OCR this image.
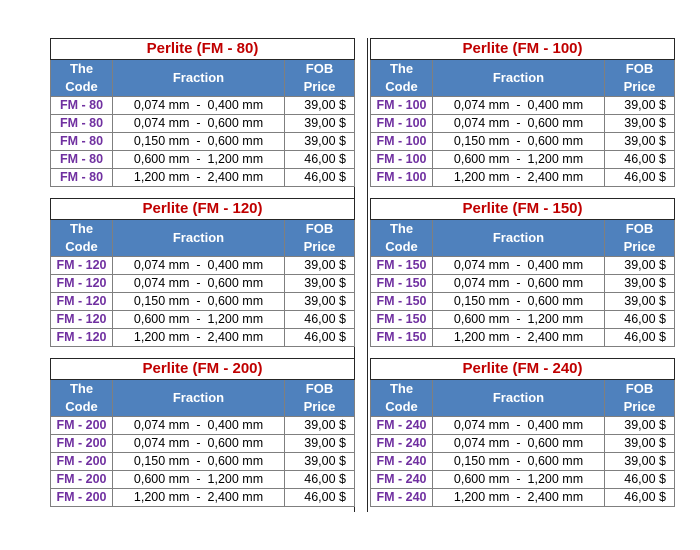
Perlite (FM - 80)		

The
Code	Fraction	FOB
Price

FM - 80	0,074 mm  -  0,400 mm	39,00 $
FM - 80	0,074 mm  -  0,600 mm	39,00 $
FM - 80	0,150 mm  -  0,600 mm	39,00 $
FM - 80	0,600 mm  -  1,200 mm	46,00 $
FM - 80	1,200 mm  -  2,400 mm	46,00 $
Perlite (FM - 100)		

The
Code	Fraction	FOB
Price

FM - 100	0,074 mm  -  0,400 mm	39,00 $
FM - 100	0,074 mm  -  0,600 mm	39,00 $
FM - 100	0,150 mm  -  0,600 mm	39,00 $
FM - 100	0,600 mm  -  1,200 mm	46,00 $
FM - 100	1,200 mm  -  2,400 mm	46,00 $
Perlite (FM - 120)		

The
Code	Fraction	FOB
Price

FM - 120	0,074 mm  -  0,400 mm	39,00 $
FM - 120	0,074 mm  -  0,600 mm	39,00 $
FM - 120	0,150 mm  -  0,600 mm	39,00 $
FM - 120	0,600 mm  -  1,200 mm	46,00 $
FM - 120	1,200 mm  -  2,400 mm	46,00 $
Perlite (FM - 150)		

The
Code	Fraction	FOB
Price

FM - 150	0,074 mm  -  0,400 mm	39,00 $
FM - 150	0,074 mm  -  0,600 mm	39,00 $
FM - 150	0,150 mm  -  0,600 mm	39,00 $
FM - 150	0,600 mm  -  1,200 mm	46,00 $
FM - 150	1,200 mm  -  2,400 mm	46,00 $
Perlite (FM - 200)		

The
Code	Fraction	FOB
Price

FM - 200	0,074 mm  -  0,400 mm	39,00 $
FM - 200	0,074 mm  -  0,600 mm	39,00 $
FM - 200	0,150 mm  -  0,600 mm	39,00 $
FM - 200	0,600 mm  -  1,200 mm	46,00 $
FM - 200	1,200 mm  -  2,400 mm	46,00 $
Perlite (FM - 240)		

The
Code	Fraction	FOB
Price

FM - 240	0,074 mm  -  0,400 mm	39,00 $
FM - 240	0,074 mm  -  0,600 mm	39,00 $
FM - 240	0,150 mm  -  0,600 mm	39,00 $
FM - 240	0,600 mm  -  1,200 mm	46,00 $
FM - 240	1,200 mm  -  2,400 mm	46,00 $
